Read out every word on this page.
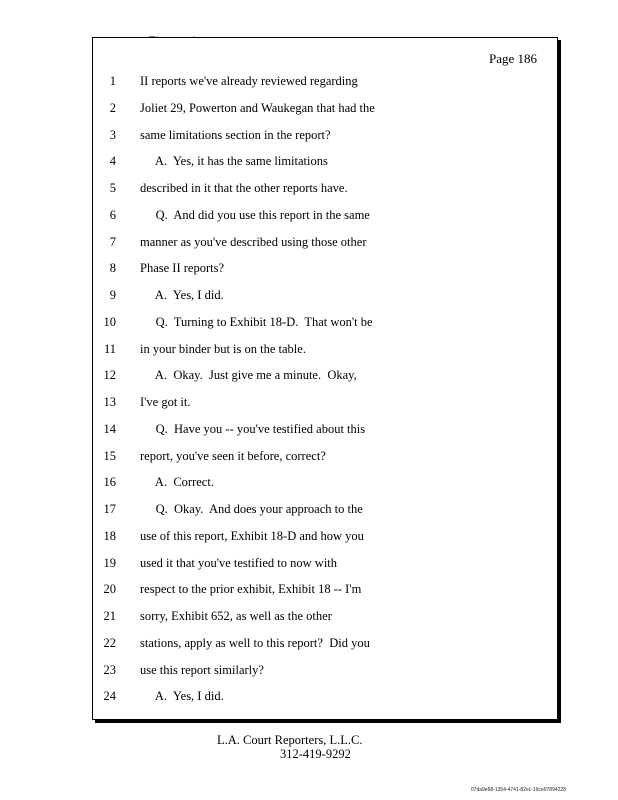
Page 186
1 II reports we've already reviewed regarding
2 Joliet 29, Powerton and Waukegan that had the
3 same limitations section in the report?
4 A.  Yes, it has the same limitations
5 described in it that the other reports have.
6 Q.  And did you use this report in the same
7 manner as you've described using those other
8 Phase II reports?
9 A.  Yes, I did.
10 Q.  Turning to Exhibit 18-D.  That won't be
11 in your binder but is on the table.
12 A.  Okay.  Just give me a minute.  Okay,
13 I've got it.
14 Q.  Have you -- you've testified about this
15 report, you've seen it before, correct?
16 A.  Correct.
17 Q.  Okay.  And does your approach to the
18 use of this report, Exhibit 18-D and how you
19 used it that you've testified to now with
20 respect to the prior exhibit, Exhibit 18 -- I'm
21 sorry, Exhibit 652, as well as the other
22 stations, apply as well to this report?  Did you
23 use this report similarly?
24 A.  Yes, I did.
L.A. Court Reporters, L.L.C.
312-419-9292
07da9e68-1354-4741-82ec-19ce97894228
